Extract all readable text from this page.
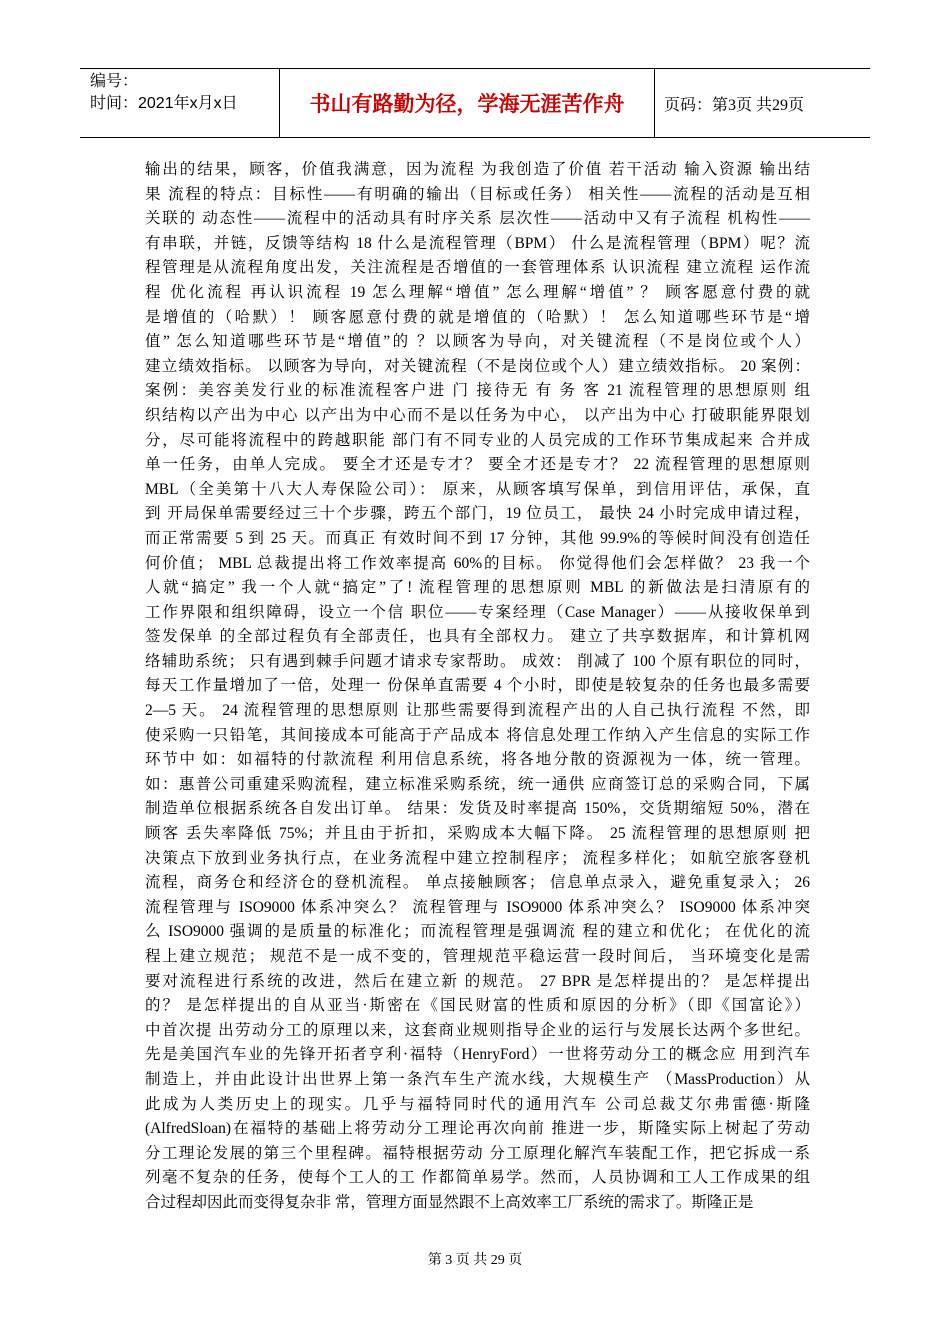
编号：
时间：2021年x月x日	书山有路勤为径，学海无涯苦作舟	页码：第3页 共29页
输出的结果，顾客，价值我满意，因为流程 为我创造了价值 若干活动 输入资源 输出结
果 流程的特点：目标性——有明确的输出（目标或任务） 相关性——流程的活动是互相
关联的 动态性——流程中的活动具有时序关系 层次性——活动中又有子流程 机构性——
有串联，并链，反馈等结构 18 什么是流程管理（BPM） 什么是流程管理（BPM）呢？流
程管理是从流程角度出发，关注流程是否增值的一套管理体系 认识流程 建立流程 运作流
程 优化流程 再认识流程 19 怎么理解“增值” 怎么理解“增值” ？ 顾客愿意付费的就
是增值的（哈默）！ 顾客愿意付费的就是增值的（哈默）！ 怎么知道哪些环节是“增
值” 怎么知道哪些环节是“增值”的 ？以顾客为导向，对关键流程（不是岗位或个人）
建立绩效指标。 以顾客为导向，对关键流程（不是岗位或个人）建立绩效指标。 20 案例：
案例：美容美发行业的标准流程客户进 门 接待无 有 务 客 21 流程管理的思想原则 组
织结构以产出为中心 以产出为中心而不是以任务为中心， 以产出为中心 打破职能界限划
分，尽可能将流程中的跨越职能 部门有不同专业的人员完成的工作环节集成起来 合并成
单一任务，由单人完成。 要全才还是专才？ 要全才还是专才？ 22 流程管理的思想原则
MBL（全美第十八大人寿保险公司）： 原来，从顾客填写保单，到信用评估，承保，直
到 开局保单需要经过三十个步骤，跨五个部门，19 位员工， 最快 24 小时完成申请过程，
而正常需要 5 到 25 天。而真正 有效时间不到 17 分钟，其他 99.9%的等候时间没有创造任
何价值； MBL 总裁提出将工作效率提高 60%的目标。 你觉得他们会怎样做？ 23 我一个
人就“搞定” 我一个人就“搞定”了! 流程管理的思想原则 MBL 的新做法是扫清原有的
工作界限和组织障碍，设立一个信 职位——专案经理（Case Manager）——从接收保单到
签发保单 的全部过程负有全部责任，也具有全部权力。 建立了共享数据库，和计算机网
络辅助系统； 只有遇到棘手问题才请求专家帮助。 成效： 削减了 100 个原有职位的同时，
每天工作量增加了一倍，处理一 份保单直需要 4 个小时，即使是较复杂的任务也最多需要
2—5 天。 24 流程管理的思想原则 让那些需要得到流程产出的人自己执行流程 不然，即
使采购一只铅笔，其间接成本可能高于产品成本 将信息处理工作纳入产生信息的实际工作
环节中 如：如福特的付款流程 利用信息系统，将各地分散的资源视为一体，统一管理。
如：惠普公司重建采购流程，建立标准采购系统，统一通供 应商签订总的采购合同，下属
制造单位根据系统各自发出订单。 结果：发货及时率提高 150%，交货期缩短 50%，潜在
顾客 丢失率降低 75%；并且由于折扣，采购成本大幅下降。 25 流程管理的思想原则 把
决策点下放到业务执行点，在业务流程中建立控制程序； 流程多样化； 如航空旅客登机
流程，商务仓和经济仓的登机流程。 单点接触顾客； 信息单点录入，避免重复录入； 26
流程管理与 ISO9000 体系冲突么？ 流程管理与 ISO9000 体系冲突么？ ISO9000 体系冲突
么 ISO9000 强调的是质量的标准化；而流程管理是强调流 程的建立和优化； 在优化的流
程上建立规范； 规范不是一成不变的，管理规范平稳运营一段时间后， 当环境变化是需
要对流程进行系统的改进，然后在建立新 的规范。 27 BPR 是怎样提出的？ 是怎样提出
的？ 是怎样提出的自从亚当·斯密在《国民财富的性质和原因的分析》（即《国富论》）
中首次提 出劳动分工的原理以来，这套商业规则指导企业的运行与发展长达两个多世纪。
先是美国汽车业的先锋开拓者亨利·福特（HenryFord）一世将劳动分工的概念应 用到汽车
制造上，并由此设计出世界上第一条汽车生产流水线，大规模生产 （MassProduction）从
此成为人类历史上的现实。几乎与福特同时代的通用汽车 公司总裁艾尔弗雷德·斯隆
(AlfredSloan)在福特的基础上将劳动分工理论再次向前 推进一步，斯隆实际上树起了劳动
分工理论发展的第三个里程碑。福特根据劳动 分工原理化解汽车装配工作，把它拆成一系
列毫不复杂的任务，使每个工人的工 作都简单易学。然而，人员协调和工人工作成果的组
合过程却因此而变得复杂非 常，管理方面显然跟不上高效率工厂系统的需求了。斯隆正是
第 3 页 共 29 页
